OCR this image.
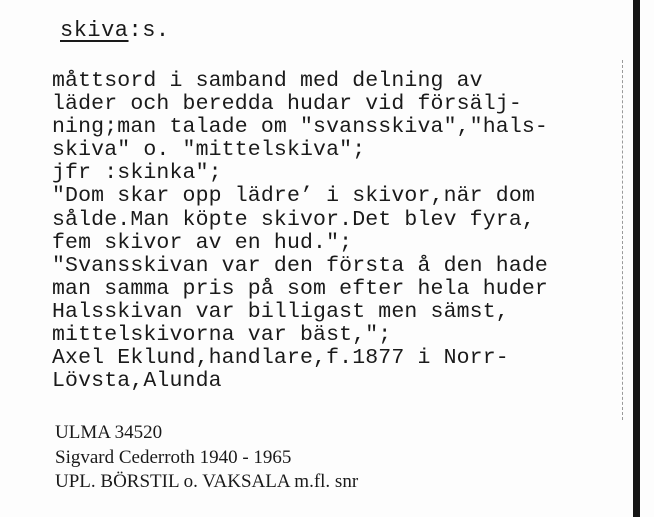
skiva:s.
måttsord i samband med delning av
läder och beredda hudar vid försälj-
ning;man talade om "svansskiva","hals-
skiva" o. "mittelskiva";
jfr :skinka";
"Dom skar opp lädre’ i skivor,när dom
sålde.Man köpte skivor.Det blev fyra,
fem skivor av en hud.";
"Svansskivan var den första å den hade
man samma pris på som efter hela huder
Halsskivan var billigast men sämst,
mittelskivorna var bäst,";
Axel Eklund,handlare,f.1877 i Norr-
Lövsta,Alunda
ULMA 34520
Sigvard Cederroth 1940 - 1965
UPL. BÖRSTIL o. VAKSALA m.fl. snr
